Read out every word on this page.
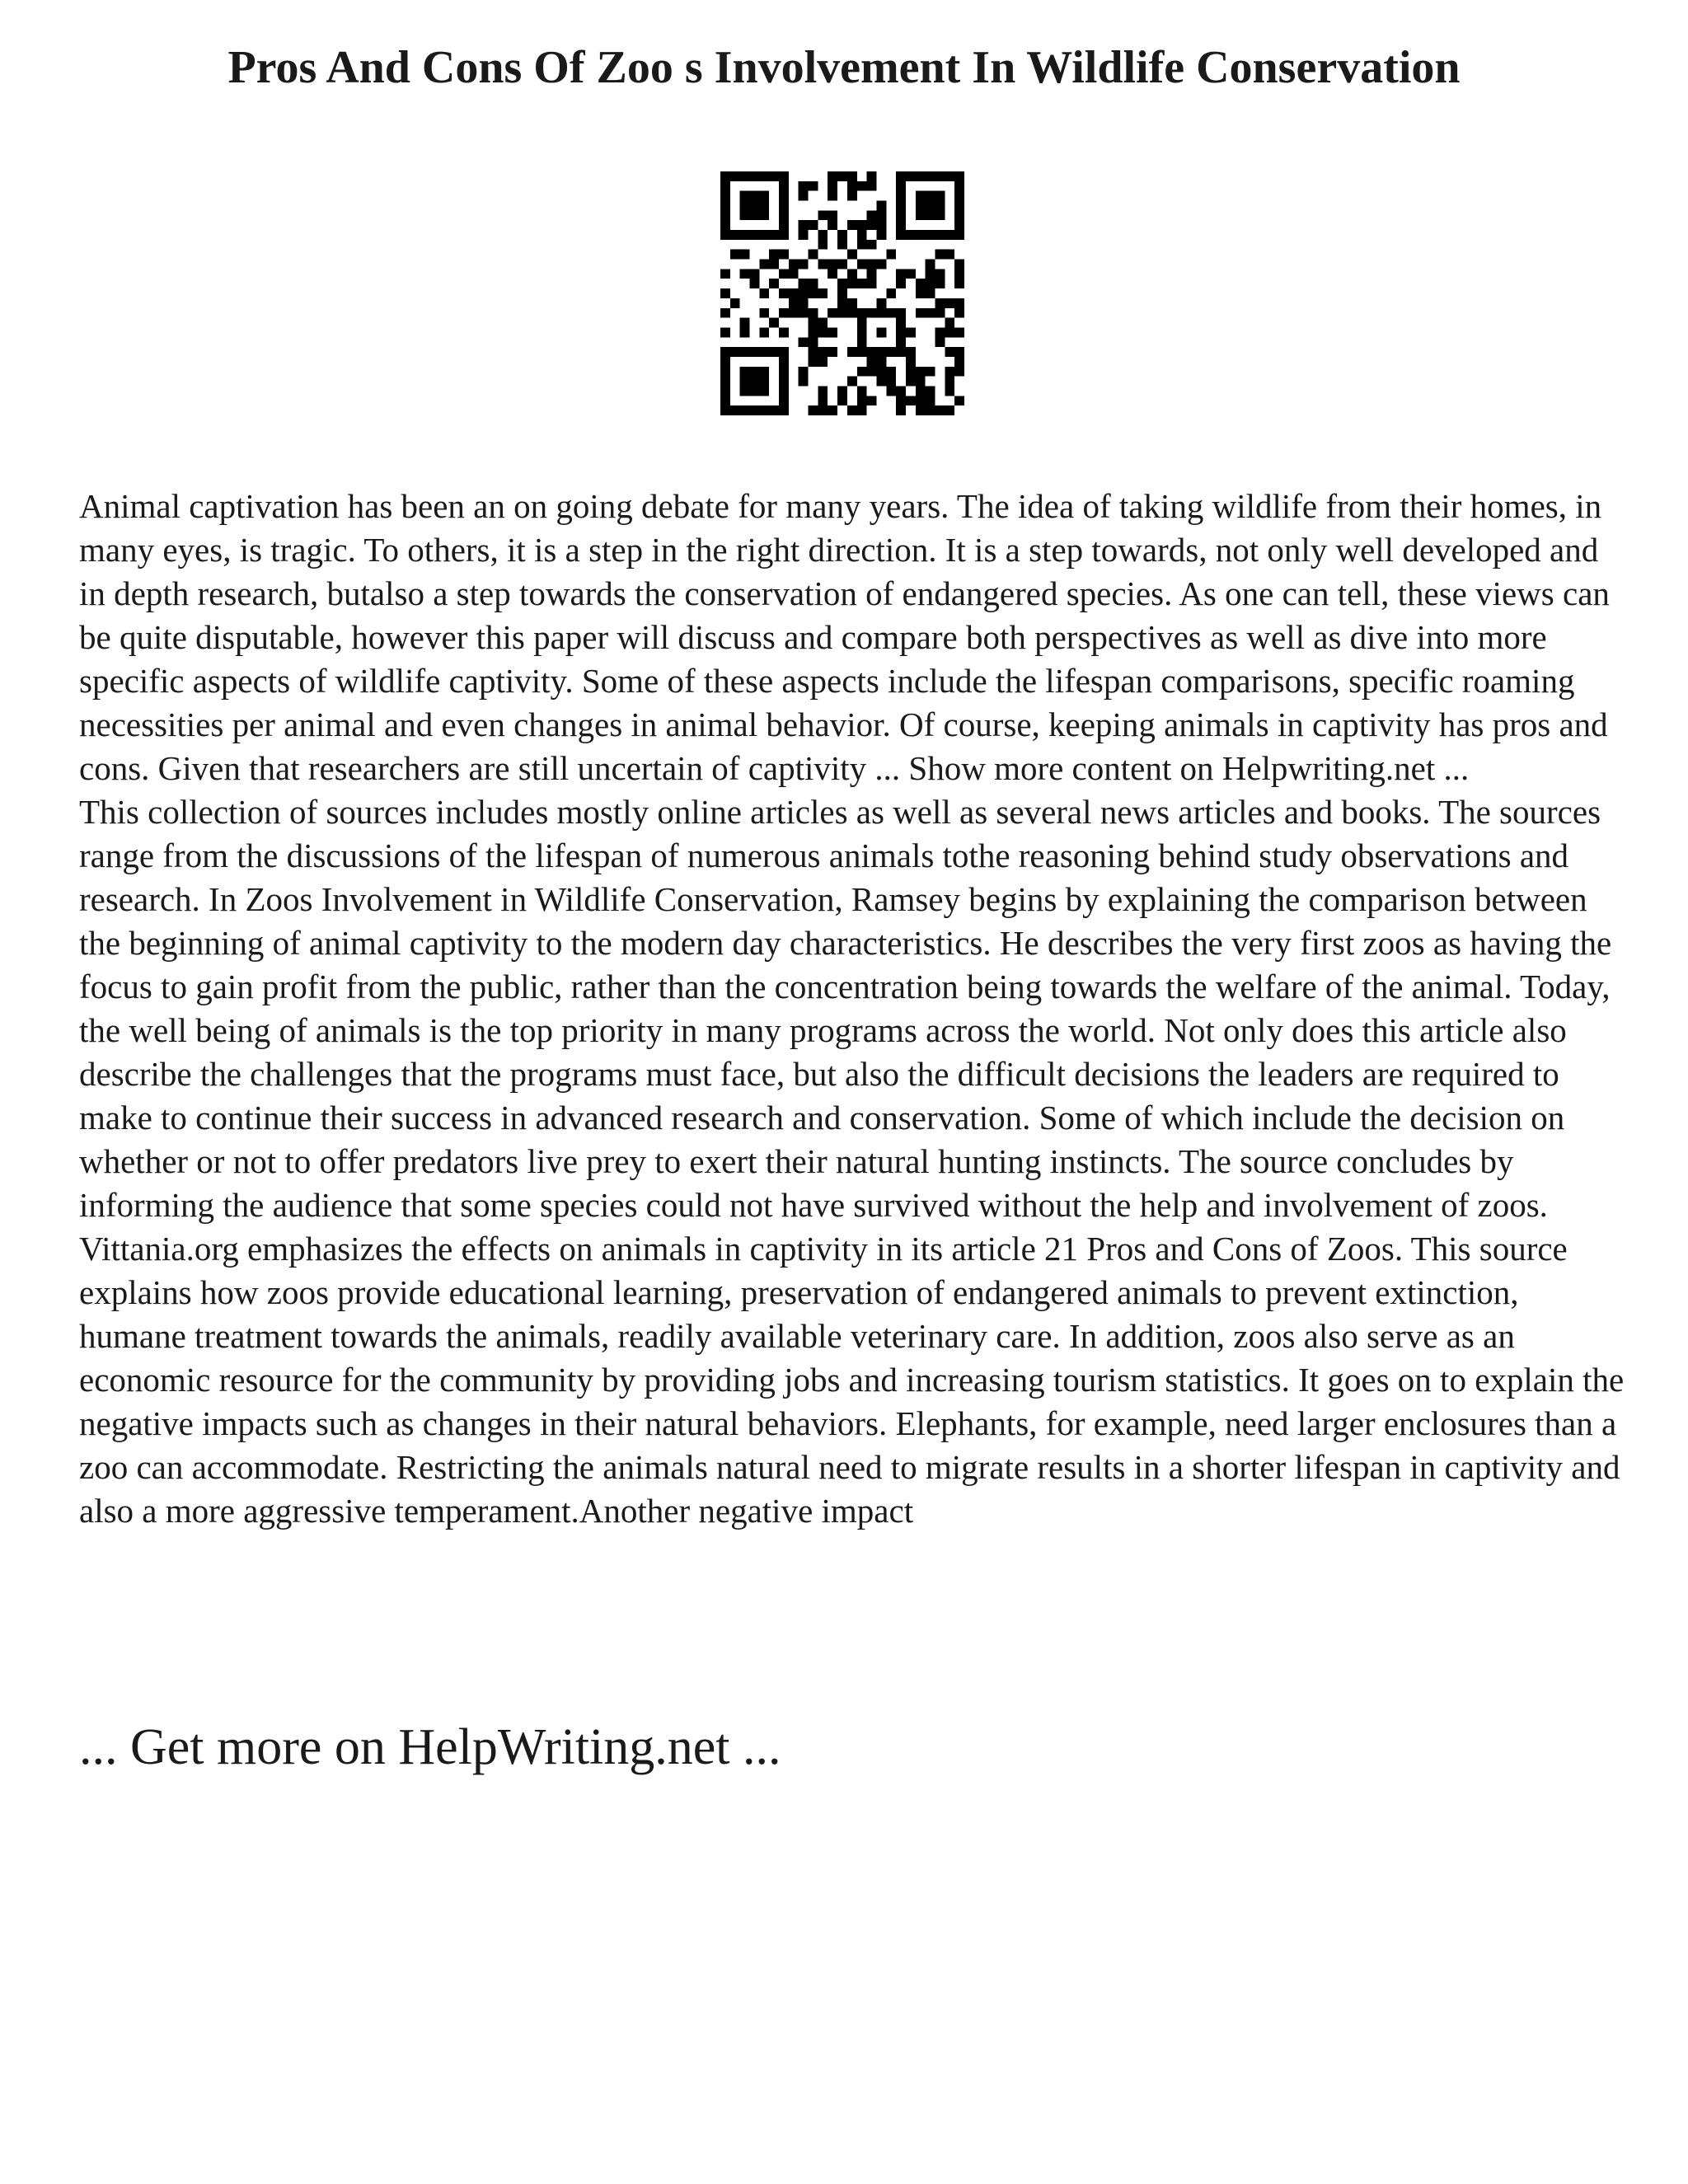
Pros And Cons Of Zoo s Involvement In Wildlife Conservation

Animal captivation has been an on going debate for many years. The idea of taking wildlife from their homes, in many eyes, is tragic. To others, it is a step in the right direction. It is a step towards, not only well developed and in depth research, butalso a step towards the conservation of endangered species. As one can tell, these views can be quite disputable, however this paper will discuss and compare both perspectives as well as dive into more specific aspects of wildlife captivity. Some of these aspects include the lifespan comparisons, specific roaming necessities per animal and even changes in animal behavior. Of course, keeping animals in captivity has pros and cons. Given that researchers are still uncertain of captivity ... Show more content on Helpwriting.net ...

This collection of sources includes mostly online articles as well as several news articles and books. The sources range from the discussions of the lifespan of numerous animals tothe reasoning behind study observations and research. In Zoos Involvement in Wildlife Conservation, Ramsey begins by explaining the comparison between the beginning of animal captivity to the modern day characteristics. He describes the very first zoos as having the focus to gain profit from the public, rather than the concentration being towards the welfare of the animal. Today, the well being of animals is the top priority in many programs across the world. Not only does this article also describe the challenges that the programs must face, but also the difficult decisions the leaders are required to make to continue their success in advanced research and conservation. Some of which include the decision on whether or not to offer predators live prey to exert their natural hunting instincts. The source concludes by informing the audience that some species could not have survived without the help and involvement of zoos. Vittania.org emphasizes the effects on animals in captivity in its article 21 Pros and Cons of Zoos. This source explains how zoos provide educational learning, preservation of endangered animals to prevent extinction, humane treatment towards the animals, readily available veterinary care. In addition, zoos also serve as an economic resource for the community by providing jobs and increasing tourism statistics. It goes on to explain the negative impacts such as changes in their natural behaviors. Elephants, for example, need larger enclosures than a zoo can accommodate. Restricting the animals natural need to migrate results in a shorter lifespan in captivity and also a more aggressive temperament.Another negative impact

... Get more on HelpWriting.net ...
